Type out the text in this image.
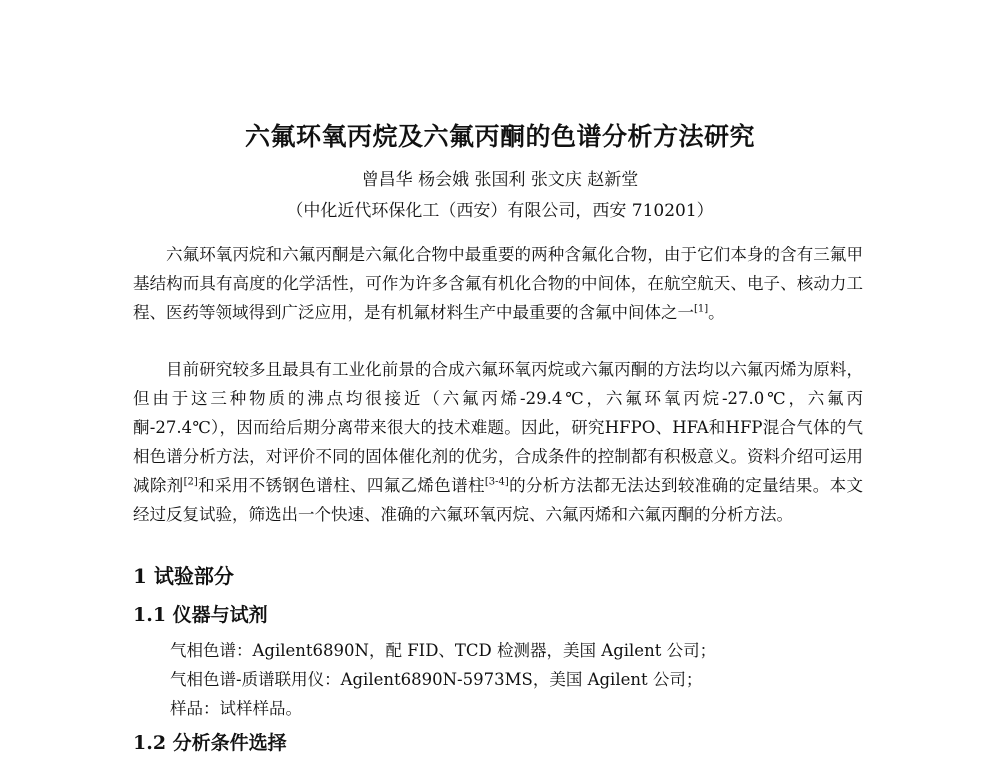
六氟环氧丙烷及六氟丙酮的色谱分析方法研究

曾昌华 杨会娥 张国利 张文庆 赵新堂

（中化近代环保化工（西安）有限公司，西安 710201）

六氟环氧丙烷和六氟丙酮是六氟化合物中最重要的两种含氟化合物，由于它们本身的含有三氟甲基结构而具有高度的化学活性，可作为许多含氟有机化合物的中间体，在航空航天、电子、核动力工程、医药等领域得到广泛应用，是有机氟材料生产中最重要的含氟中间体之一[1]。

目前研究较多且最具有工业化前景的合成六氟环氧丙烷或六氟丙酮的方法均以六氟丙烯为原料，但由于这三种物质的沸点均很接近（六氟丙烯-29.4℃，六氟环氧丙烷-27.0℃，六氟丙酮-27.4℃），因而给后期分离带来很大的技术难题。因此，研究HFPO、HFA和HFP混合气体的气相色谱分析方法，对评价不同的固体催化剂的优劣，合成条件的控制都有积极意义。资料介绍可运用减除剂[2]和采用不锈钢色谱柱、四氟乙烯色谱柱[3-4]的分析方法都无法达到较准确的定量结果。本文经过反复试验，筛选出一个快速、准确的六氟环氧丙烷、六氟丙烯和六氟丙酮的分析方法。

1 试验部分
1.1 仪器与试剂
气相色谱：Agilent6890N，配 FID、TCD 检测器，美国 Agilent 公司；
气相色谱-质谱联用仪：Agilent6890N-5973MS，美国 Agilent 公司；
样品：试样样品。
1.2 分析条件选择
